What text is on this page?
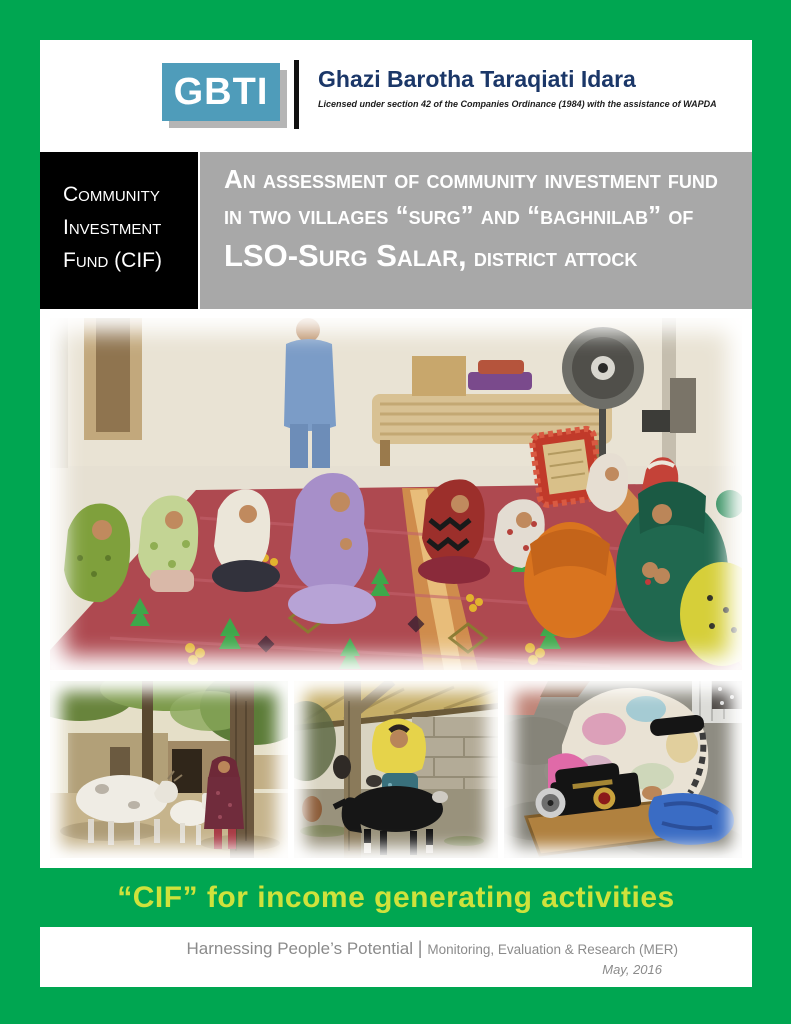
GBTI Ghazi Barotha Taraqiati Idara
Licensed under section 42 of the Companies Ordinance (1984) with the assistance of WAPDA
Community Investment Fund (CIF)
An assessment of community investment fund in two villages “surg” and “baghnilab” of LSO-Surg Salar, district attock
“CIF” for income generating activities
Harnessing People’s Potential | Monitoring, Evaluation & Research (MER)
May, 2016
